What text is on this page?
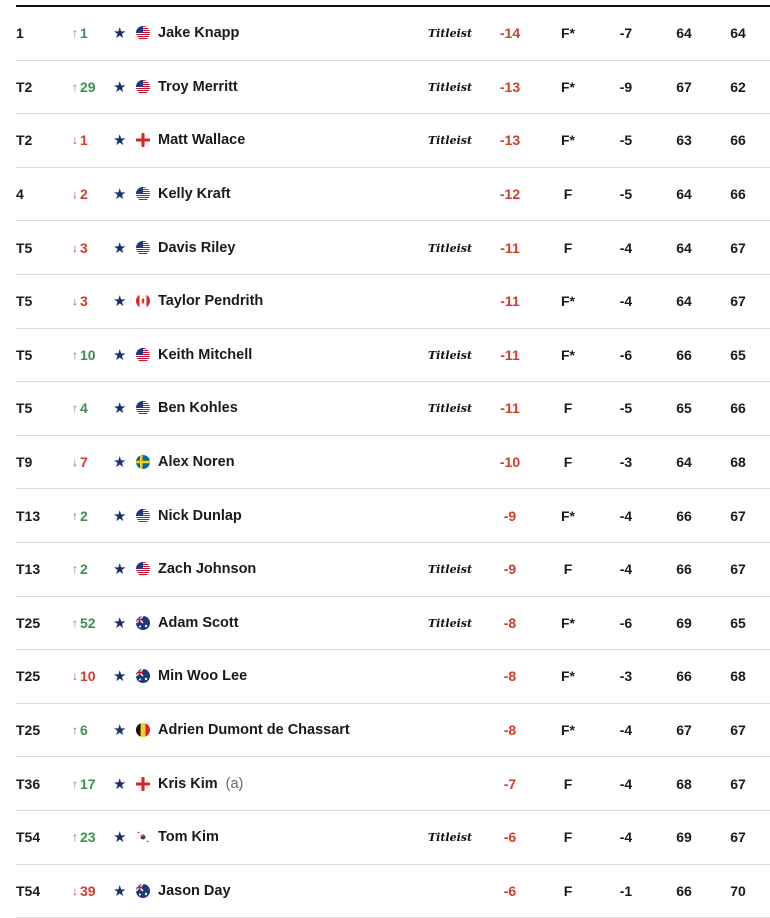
1	↑ 1 ★ Jake Knapp	Titleist	-14	F*	-7	64	64
T2	↑ 29 ★ Troy Merritt	Titleist	-13	F*	-9	67	62
T2	↓ 1 ★ Matt Wallace	Titleist	-13	F*	-5	63	66
4	↓ 2 ★ Kelly Kraft	-12	F	-5	64	66
T5	↓ 3 ★ Davis Riley	Titleist	-11	F	-4	64	67
T5	↓ 3 ★ Taylor Pendrith	-11	F*	-4	64	67
T5	↑ 10 ★ Keith Mitchell	Titleist	-11	F*	-6	66	65
T5	↑ 4 ★ Ben Kohles	Titleist	-11	F	-5	65	66
T9	↓ 7 ★ Alex Noren	-10	F	-3	64	68
T13	↑ 2 ★ Nick Dunlap	-9	F*	-4	66	67
T13	↑ 2 ★ Zach Johnson	Titleist	-9	F	-4	66	67
T25	↑ 52 ★ Adam Scott	Titleist	-8	F*	-6	69	65
T25	↓ 10 ★ Min Woo Lee	-8	F*	-3	66	68
T25	↑ 6 ★ Adrien Dumont de Chassart	-8	F*	-4	67	67
T36	↑ 17 ★ Kris Kim (a)	-7	F	-4	68	67
T54	↑ 23 ★ Tom Kim	Titleist	-6	F	-4	69	67
T54	↓ 39 ★ Jason Day	-6	F	-1	66	70
